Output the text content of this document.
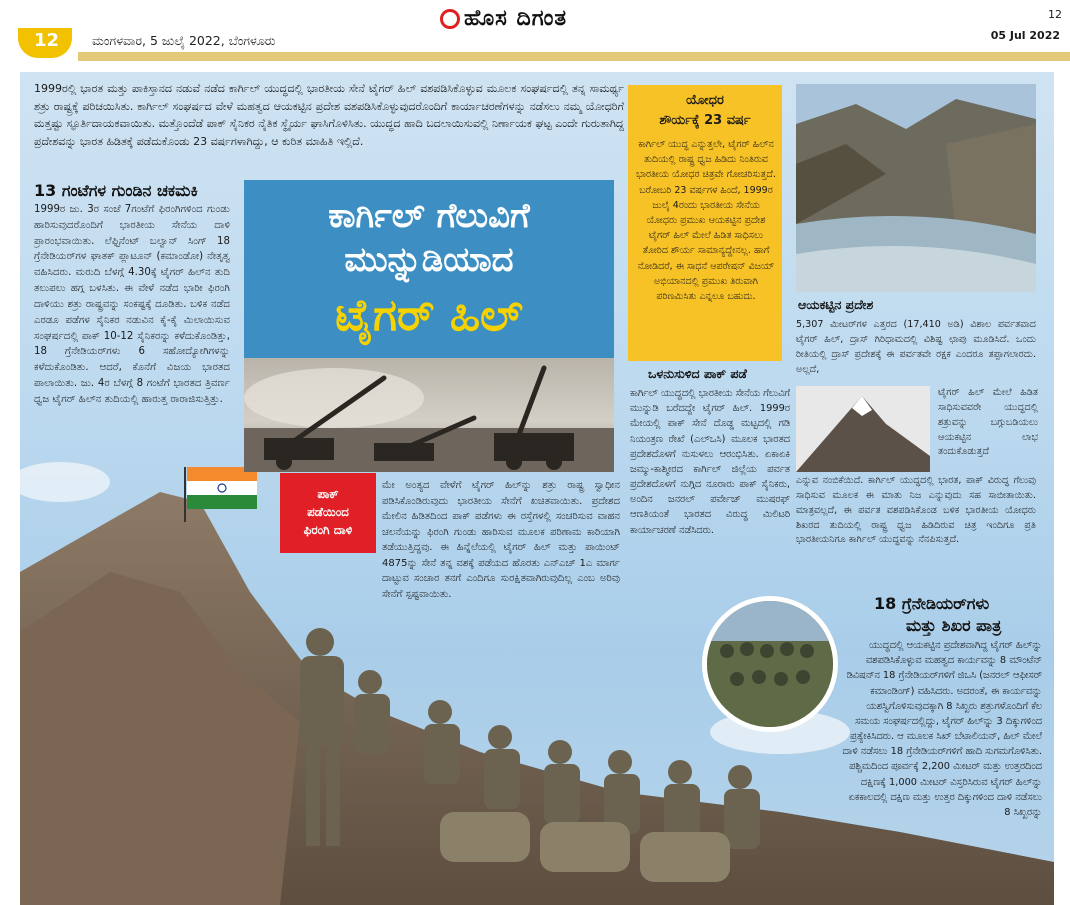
12	ಮಂಗಳವಾರ, 5 ಜುಲೈ 2022, ಬೆಂಗಳೂರು
ಹೊಸ ದಿಗಂತ	12
05 Jul 2022
1999ರಲ್ಲಿ ಭಾರತ ಮತ್ತು ಪಾಕಿಸ್ತಾನದ ನಡುವೆ ನಡೆದ ಕಾರ್ಗಿಲ್ ಯುದ್ಧದಲ್ಲಿ ಭಾರತೀಯ ಸೇನೆ ಟೈಗರ್ ಹಿಲ್ ವಶಪಡಿಸಿಕೊಳ್ಳುವ ಮೂಲಕ ಸಂಘರ್ಷದಲ್ಲಿ ತನ್ನ ಸಾಮರ್ಥ್ಯ ಶತ್ರು ರಾಷ್ಟ್ರಕ್ಕೆ ಪರಿಚಯಿಸಿತು. ಕಾರ್ಗಿಲ್ ಸಂಘರ್ಷದ ವೇಳೆ ಮಹತ್ವದ ಆಯಕಟ್ಟಿನ ಪ್ರದೇಶ ವಶಪಡಿಸಿಕೊಳ್ಳುವುದರೊಂದಿಗೆ ಕಾರ್ಯಾಚರಣೆಗಳನ್ನು ನಡೆಸಲು ನಮ್ಮ ಯೋಧರಿಗೆ ಮತ್ತಷ್ಟು ಸ್ಫೂರ್ತಿದಾಯಕವಾಯಿತು. ಮತ್ತೊಂದೆಡೆ ಪಾಕ್ ಸೈನಿಕರ ನೈತಿಕ ಸ್ಥೈರ್ಯ ಘಾಸಿಗೊಳಿಸಿತು. ಯುದ್ಧದ ಹಾದಿ ಬದಲಾಯಿಸುವಲ್ಲಿ ನಿರ್ಣಾಯಕ ಘಟ್ಟ ಎಂದೇ ಗುರುತಾಗಿದ್ದ ಪ್ರದೇಶವನ್ನು ಭಾರತ ಹಿಡಿತಕ್ಕೆ ಪಡೆದುಕೊಂಡು 23 ವರ್ಷಗಳಾಗಿದ್ದು, ಆ ಕುರಿತ ಮಾಹಿತಿ ಇಲ್ಲಿದೆ.
13 ಗಂಟೆಗಳ ಗುಂಡಿನ ಚಕಮಕಿ
1999ರ ಜು. 3ರ ಸಂಜೆ 7ಗಂಟೆಗೆ ಫಿರಂಗಿಗಳಿಂದ ಗುಂಡು ಹಾರಿಸುವುದರೊಂದಿಗೆ ಭಾರತೀಯ ಸೇನೆಯ ದಾಳಿ ಪ್ರಾರಂಭವಾಯಿತು. ಲೆಫ್ಟಿನೆಂಟ್ ಬಲ್ವಾನ್ ಸಿಂಗ್ 18 ಗ್ರೆನೇಡಿಯರ್‌ಗಳ ಘಾತಕ್ ಪ್ಲಾಟೂನ್‌ (ಕಮಾಂಡೋ) ನೇತೃತ್ವ ವಹಿಸಿದರು. ಮರುದಿ ಬೆಳಗ್ಗೆ 4.30ಕ್ಕೆ ಟೈಗರ್ ಹಿಲ್‌ನ ತುದಿ ತಲುಪಲು ಹಗ್ಗ ಬಳಸಿತು. ಈ ವೇಳೆ ನಡೆದ ಭಾರೀ ಫಿರಂಗಿ ದಾಳಿಯು ಶತ್ರು ರಾಷ್ಟ್ರವನ್ನು ಸಂಕಷ್ಟಕ್ಕೆ ದೂಡಿತು. ಬಳಿಕ ನಡೆದ ಎರಡೂ ಪಡೆಗಳ ಸೈನಿಕರ ನಡುವಿನ ಕೈ-ಕೈ ಮಿಲಾಯಿಸುವ ಸಂಘರ್ಷದಲ್ಲಿ ಪಾಕ್ 10-12 ಸೈನಿಕರನ್ನು ಕಳೆದುಕೊಂಡಿತ್ತು, 18 ಗ್ರೆನೇಡಿಯರ್‌ಗಳು 6 ಸಹೋದ್ಯೋಗಿಗಳನ್ನು ಕಳೆದುಕೊಂಡಿತು. ಆದರೆ, ಕೊನೆಗೆ ವಿಜಯ ಭಾರತದ ಪಾಲಾಯಿತು. ಜು. 4ರ ಬೆಳಗ್ಗೆ 8 ಗಂಟೆಗೆ ಭಾರತದ ತ್ರಿವರ್ಣ ಧ್ವಜ ಟೈಗರ್ ಹಿಲ್‌ನ ತುದಿಯಲ್ಲಿ ಹಾರುತ್ತ ರಾರಾಜಿಸುತ್ತಿತ್ತು.
ಕಾರ್ಗಿಲ್ ಗೆಲುವಿಗೆ
ಮುನ್ನುಡಿಯಾದ
ಟೈಗರ್ ಹಿಲ್
ಪಾಕ್
ಪಡೆಯಿಂದ
ಫಿರಂಗಿ ದಾಳಿ
ಮೇ ಅಂತ್ಯದ ವೇಳೆಗೆ ಟೈಗರ್ ಹಿಲ್‌ನ್ನು ಶತ್ರು ರಾಷ್ಟ್ರ ಸ್ವಾಧೀನ ಪಡಿಸಿಕೊಂಡಿರುವುದು ಭಾರತೀಯ ಸೇನೆಗೆ ಖಚಿತವಾಯಿತು. ಪ್ರದೇಶದ ಮೇಲಿನ ಹಿಡಿತದಿಂದ ಪಾಕ್ ಪಡೆಗಳು ಈ ರಸ್ತೆಗಳಲ್ಲಿ ಸಂಚರಿಸುವ ವಾಹನ ಚಲನೆಯನ್ನು ಫಿರಂಗಿ ಗುಂಡು ಹಾರಿಸುವ ಮೂಲಕ ಪರಿಣಾಮ ಕಾರಿಯಾಗಿ ತಡೆಯುತ್ತಿದ್ದವು. ಈ ಹಿನ್ನೆಲೆಯಲ್ಲಿ ಟೈಗರ್ ಹಿಲ್ ಮತ್ತು ಪಾಯಿಂಟ್ 4875ನ್ನು ಸೇನೆ ತನ್ನ ವಶಕ್ಕೆ ಪಡೆಯದ ಹೊರತು ಎನ್‌ಎಚ್ 1ಎ ಮಾರ್ಗ ದಾಟ್ಟುವ ಸಂಚಾರ ತನಗೆ ಎಂದಿಗೂ ಸುರಕ್ಷಿತವಾಗಿರುವುದಿಲ್ಲ ಎಂಬ ಅರಿವು ಸೇನೆಗೆ ಸ್ಪಷ್ಟವಾಯಿತು.
ಯೋಧರ
ಶೌರ್ಯಕ್ಕೆ 23 ವರ್ಷ
ಕಾರ್ಗಿಲ್ ಯುದ್ಧ ಎನ್ನುತ್ತಲೇ, ಟೈಗರ್ ಹಿಲ್‌ನ ತುದಿಯಲ್ಲಿ ರಾಷ್ಟ್ರ ಧ್ವಜ ಹಿಡಿದು ನಿಂತಿರುವ ಭಾರತೀಯ ಯೋಧರ ಚಿತ್ರವೇ ಗೋಚರಿಸುತ್ತದೆ. ಬರೋಬರಿ 23 ವರ್ಷಗಳ ಹಿಂದೆ, 1999ರ ಜುಲೈ 4ರಂದು ಭಾರತೀಯ ಸೇನೆಯ ಯೋಧರು ಪ್ರಮುಖ ಆಯಕಟ್ಟಿನ ಪ್ರದೇಶ ಟೈಗರ್ ಹಿಲ್ ಮೇಲೆ ಹಿಡಿತ ಸಾಧಿಸಲು ತೋರಿದ ಶೌರ್ಯ ಸಾಮಾನ್ಯದ್ದೇನಲ್ಲ. ಹಾಗೆ ನೋಡಿದರೆ, ಈ ಸಾಧನೆ ಆಪರೇಷನ್ ವಿಜಯ್ ಅಭಿಯಾನದಲ್ಲಿ ಪ್ರಮುಖ ತಿರುವಾಗಿ ಪರಿಣಮಿಸಿತು ಎನ್ನಲೂ ಬಹುದು.
ಒಳನುಸುಳಿದ ಪಾಕ್ ಪಡೆ
ಕಾರ್ಗಿಲ್ ಯುದ್ಧದಲ್ಲಿ ಭಾರತೀಯ ಸೇನೆಯ ಗೆಲುವಿಗೆ ಮುನ್ನುಡಿ ಬರೆದದ್ದೇ ಟೈಗರ್ ಹಿಲ್. 1999ರ ಮೇಯಲ್ಲಿ ಪಾಕ್ ಸೇನೆ ದೊಡ್ಡ ಮಟ್ಟದಲ್ಲಿ ಗಡಿ ನಿಯಂತ್ರಣ ರೇಖೆ (ಎಲ್‌ಒಸಿ) ಮೂಲಕ ಭಾರತದ ಪ್ರದೇಶದೊಳಗೆ ನುಸುಳಲು ಆರಂಭಿಸಿತು. ಏಕಾಏಕಿ ಜಮ್ಮು-ಕಾಶ್ಮೀರದ ಕಾರ್ಗಿಲ್ ಜಿಲ್ಲೆಯ ಪರ್ವತ ಪ್ರದೇಶದೊಳಗೆ ನುಗ್ಗಿದ ನೂರಾರು ಪಾಕ್ ಸೈನಿಕರು, ಅಂದಿನ ಜನರಲ್ ಪರ್ವೇಜ್ ಮುಷರಫ್ ಆಣತಿಯಂತೆ ಭಾರತದ ವಿರುದ್ಧ ಮಿಲಿಟರಿ ಕಾರ್ಯಾಚರಣೆ ನಡೆಸಿದರು.
ಆಯಕಟ್ಟಿನ ಪ್ರದೇಶ
5,307 ಮೀಟರ್‌ಗಳ ಎತ್ತರದ (17,410 ಅಡಿ) ವಿಶಾಲ ಪರ್ವತವಾದ ಟೈಗರ್ ಹಿಲ್, ದ್ರಾಸ್ ಗಿರಿಧಾಮದಲ್ಲಿ ವಿಶಿಷ್ಟ ಛಾಪು ಮೂಡಿಸಿದೆ. ಒಂದು ರೀತಿಯಲ್ಲಿ ದ್ರಾಸ್ ಪ್ರದೇಶಕ್ಕೆ ಈ ಪರ್ವತವೇ ರಕ್ಷಕ ಎಂದರೂ ತಪ್ಪಾಗಲಾರದು. ಅಲ್ಲದೆ,
ಟೈಗರ್ ಹಿಲ್ ಮೇಲೆ ಹಿಡಿತ ಸಾಧಿಸುವವರೇ ಯುದ್ಧದಲ್ಲಿ ಶತ್ರುವನ್ನು ಬಗ್ಗುಬಡಿಯಲು ಆಯಕಟ್ಟಿನ ಲಾಭ ತಂದುಕೊಡುತ್ತದೆ
ಎನ್ನುವ ನಂಬಿಕೆಯಿದೆ. ಕಾರ್ಗಿಲ್ ಯುದ್ಧದಲ್ಲಿ ಭಾರತ, ಪಾಕ್ ವಿರುದ್ಧ ಗೆಲುವು ಸಾಧಿಸುವ ಮೂಲಕ ಈ ಮಾತು ನಿಜ ಎನ್ನುವುದು ಸಹ ಸಾಬೀತಾಯಿತು. ಮಾತ್ರವಲ್ಲದೆ, ಈ ಪರ್ವತ ವಶಪಡಿಸಿಕೊಂಡ ಬಳಿಕ ಭಾರತೀಯ ಯೋಧರು ಶಿಖರದ ತುದಿಯಲ್ಲಿ ರಾಷ್ಟ್ರ ಧ್ವಜ ಹಿಡಿದಿರುವ ಚಿತ್ರ ಇಂದಿಗೂ ಪ್ರತಿ ಭಾರತೀಯನಿಗೂ ಕಾರ್ಗಿಲ್ ಯುದ್ಧವನ್ನು ನೆನಪಿಸುತ್ತದೆ.
18 ಗ್ರೆನೇಡಿಯರ್‌ಗಳು
ಮತ್ತು ಶಿಖರ ಪಾತ್ರ
ಯುದ್ಧದಲ್ಲಿ ಆಯಕಟ್ಟಿನ ಪ್ರದೇಶವಾಗಿದ್ದ ಟೈಗರ್ ಹಿಲ್‌ನ್ನು ವಶಪಡಿಸಿಕೊಳ್ಳುವ ಮಹತ್ವದ ಕಾರ್ಯವನ್ನು 8 ಮೌಂಟೆನ್ ಡಿವಿಷನ್‌ನ 18 ಗ್ರೆನೇಡಿಯರ್‌ಗಳಿಗೆ ಜಿಒಸಿ (ಜನರಲ್ ಆಫೀಸರ್ ಕಮಾಂಡಿಂಗ್) ವಹಿಸಿದರು. ಅದರಂತೆ, ಈ ಕಾರ್ಯವನ್ನು ಯಶಸ್ವಿಗೊಳಿಸುವುದಕ್ಕಾಗಿ 8 ಸಿಖ್ಖರು ಶತ್ರುಗಳೊಂದಿಗೆ ಕೆಲ ಸಮಯ ಸಂಘರ್ಷದಲ್ಲಿದ್ದು, ಟೈಗರ್ ಹಿಲ್‌ನ್ನು 3 ದಿಕ್ಕುಗಳಿಂದ ಪ್ರತ್ಯೇಕಿಸಿದರು. ಆ ಮೂಲಕ ಸಿಖ್ ಬೆಟಾಲಿಯನ್, ಹಿಲ್ ಮೇಲೆ ದಾಳಿ ನಡೆಸಲು 18 ಗ್ರೆನೇಡಿಯರ್‌ಗಳಿಗೆ ಹಾದಿ ಸುಗಮಗೊಳಿಸಿತು. ಪಶ್ಚಿಮದಿಂದ ಪೂರ್ವಕ್ಕೆ 2,200 ಮೀಟರ್ ಮತ್ತು ಉತ್ತರದಿಂದ ದಕ್ಷಿಣಕ್ಕೆ 1,000 ಮೀಟರ್ ವಿಸ್ತರಿಸಿರುವ ಟೈಗರ್ ಹಿಲ್‌ನ್ನು ಏಕಕಾಲದಲ್ಲಿ ದಕ್ಷಿಣ ಮತ್ತು ಉತ್ತರ ದಿಕ್ಕುಗಳಿಂದ ದಾಳಿ ನಡೆಸಲು 8 ಸಿಖ್ಖರನ್ನು
